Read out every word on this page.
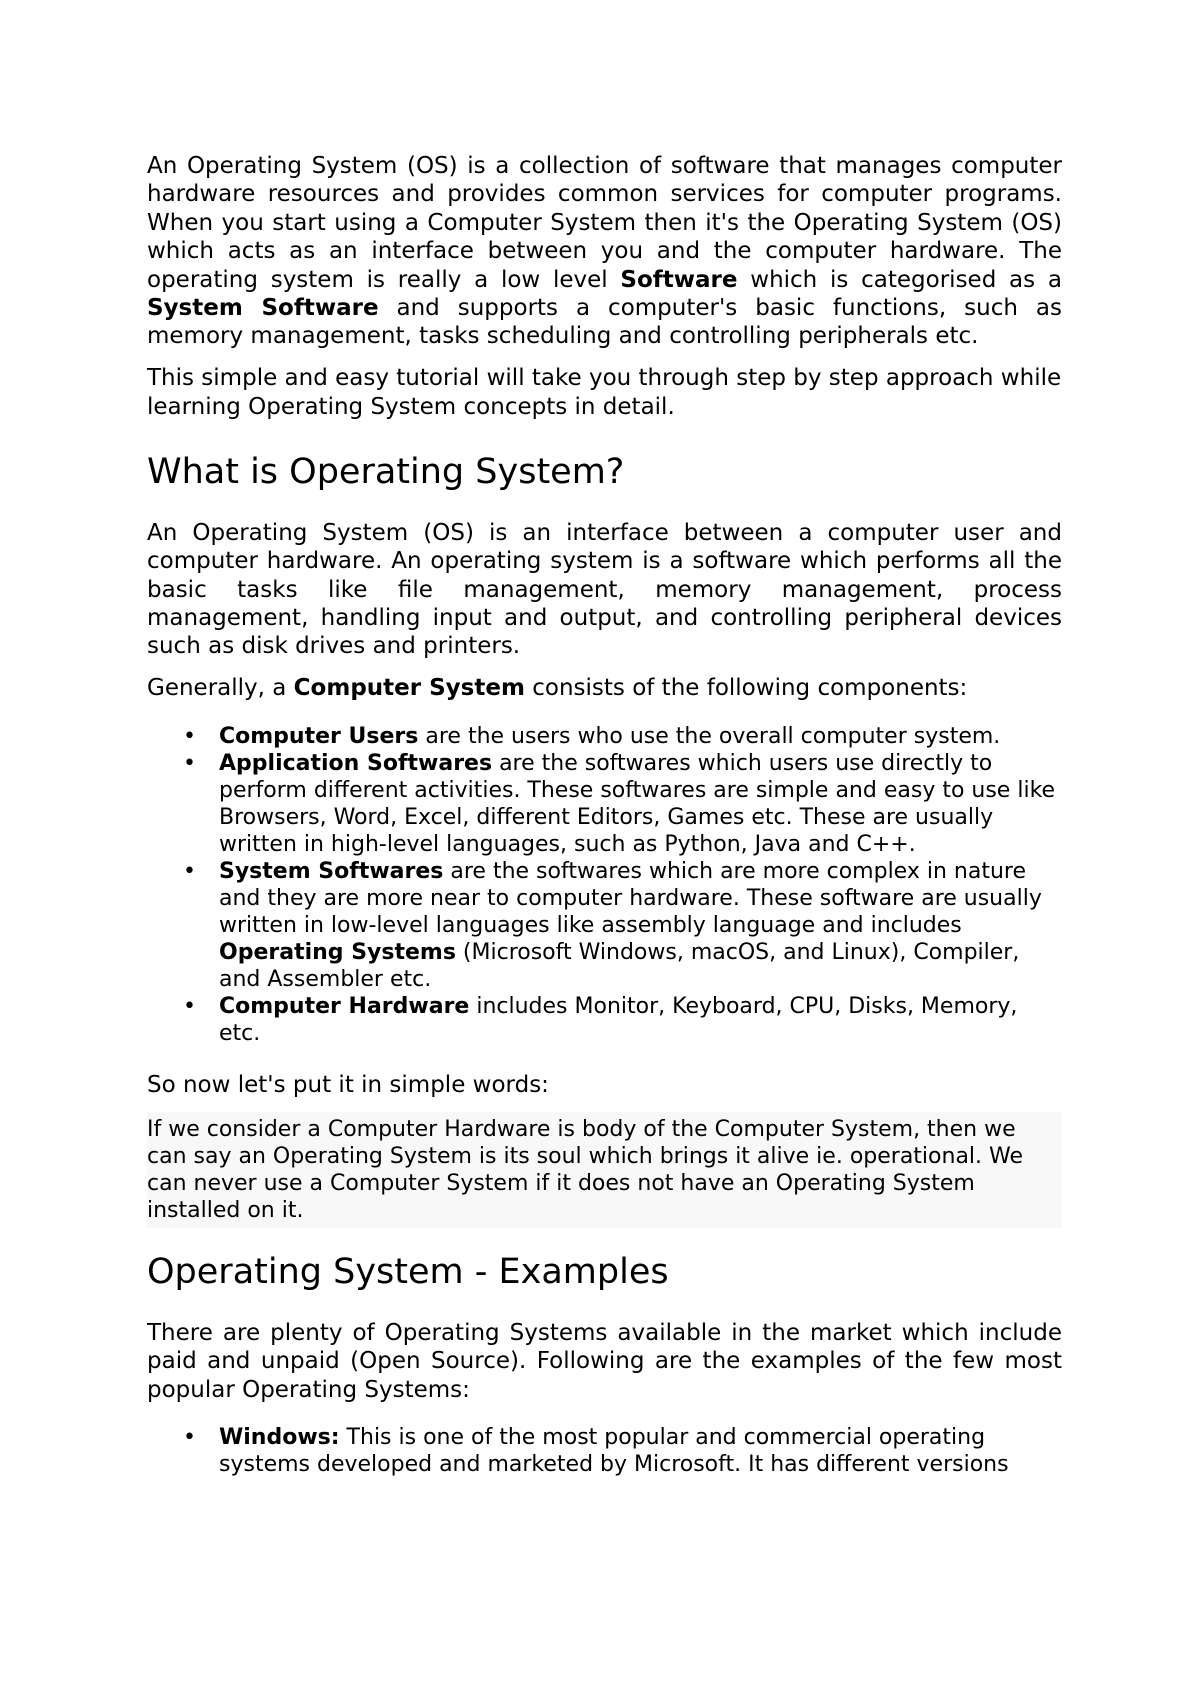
An Operating System (OS) is a collection of software that manages computer hardware resources and provides common services for computer programs. When you start using a Computer System then it's the Operating System (OS) which acts as an interface between you and the computer hardware. The operating system is really a low level Software which is categorised as a System Software and supports a computer's basic functions, such as memory management, tasks scheduling and controlling peripherals etc.

This simple and easy tutorial will take you through step by step approach while learning Operating System concepts in detail.

What is Operating System?

An Operating System (OS) is an interface between a computer user and computer hardware. An operating system is a software which performs all the basic tasks like file management, memory management, process management, handling input and output, and controlling peripheral devices such as disk drives and printers.

Generally, a Computer System consists of the following components:

• Computer Users are the users who use the overall computer system.
• Application Softwares are the softwares which users use directly to perform different activities. These softwares are simple and easy to use like Browsers, Word, Excel, different Editors, Games etc. These are usually written in high-level languages, such as Python, Java and C++.
• System Softwares are the softwares which are more complex in nature and they are more near to computer hardware. These software are usually written in low-level languages like assembly language and includes Operating Systems (Microsoft Windows, macOS, and Linux), Compiler, and Assembler etc.
• Computer Hardware includes Monitor, Keyboard, CPU, Disks, Memory, etc.

So now let's put it in simple words:

If we consider a Computer Hardware is body of the Computer System, then we can say an Operating System is its soul which brings it alive ie. operational. We can never use a Computer System if it does not have an Operating System installed on it.
Operating System - Examples

There are plenty of Operating Systems available in the market which include paid and unpaid (Open Source). Following are the examples of the few most popular Operating Systems:

• Windows: This is one of the most popular and commercial operating systems developed and marketed by Microsoft. It has different versions
